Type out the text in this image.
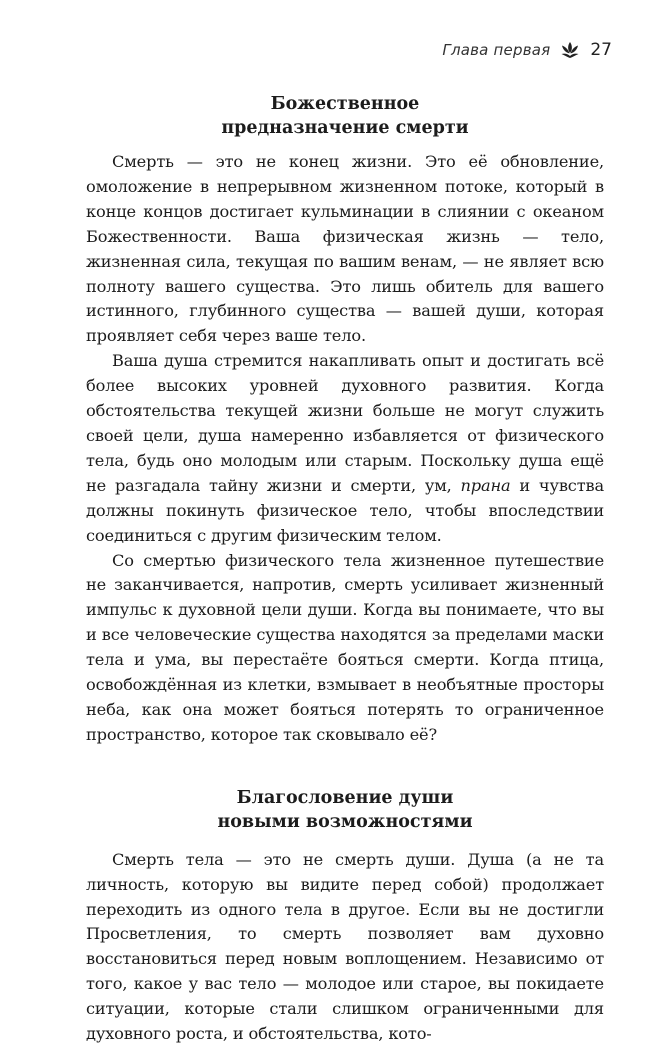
Глава первая 27
Божественное
предназначение смерти

Смерть — это не конец жизни. Это её обновление, омоложение в непрерывном жизненном потоке, который в конце концов достигает кульминации в слиянии с океаном Божественности. Ваша физическая жизнь — тело, жизненная сила, текущая по вашим венам, — не являет всю полноту вашего существа. Это лишь обитель для вашего истинного, глубинного существа — вашей души, которая проявляет себя через ваше тело.

Ваша душа стремится накапливать опыт и достигать всё более высоких уровней духовного развития. Когда обстоятельства текущей жизни больше не могут служить своей цели, душа намеренно избавляется от физического тела, будь оно молодым или старым. Поскольку душа ещё не разгадала тайну жизни и смерти, ум, прана и чувства должны покинуть физическое тело, чтобы впоследствии соединиться с другим физическим телом.

Со смертью физического тела жизненное путешествие не заканчивается, напротив, смерть усиливает жизненный импульс к духовной цели души. Когда вы понимаете, что вы и все человеческие существа находятся за пределами маски тела и ума, вы перестаёте бояться смерти. Когда птица, освобождённая из клетки, взмывает в необъятные просторы неба, как она может бояться потерять то ограниченное пространство, которое так сковывало её?

Благословение души
новыми возможностями

Смерть тела — это не смерть души. Душа (а не та личность, которую вы видите перед собой) продолжает переходить из одного тела в другое. Если вы не достигли Просветления, то смерть позволяет вам духовно восстановиться перед новым воплощением. Независимо от того, какое у вас тело — молодое или старое, вы покидаете ситуации, которые стали слишком ограниченными для духовного роста, и обстоятельства, кото-
